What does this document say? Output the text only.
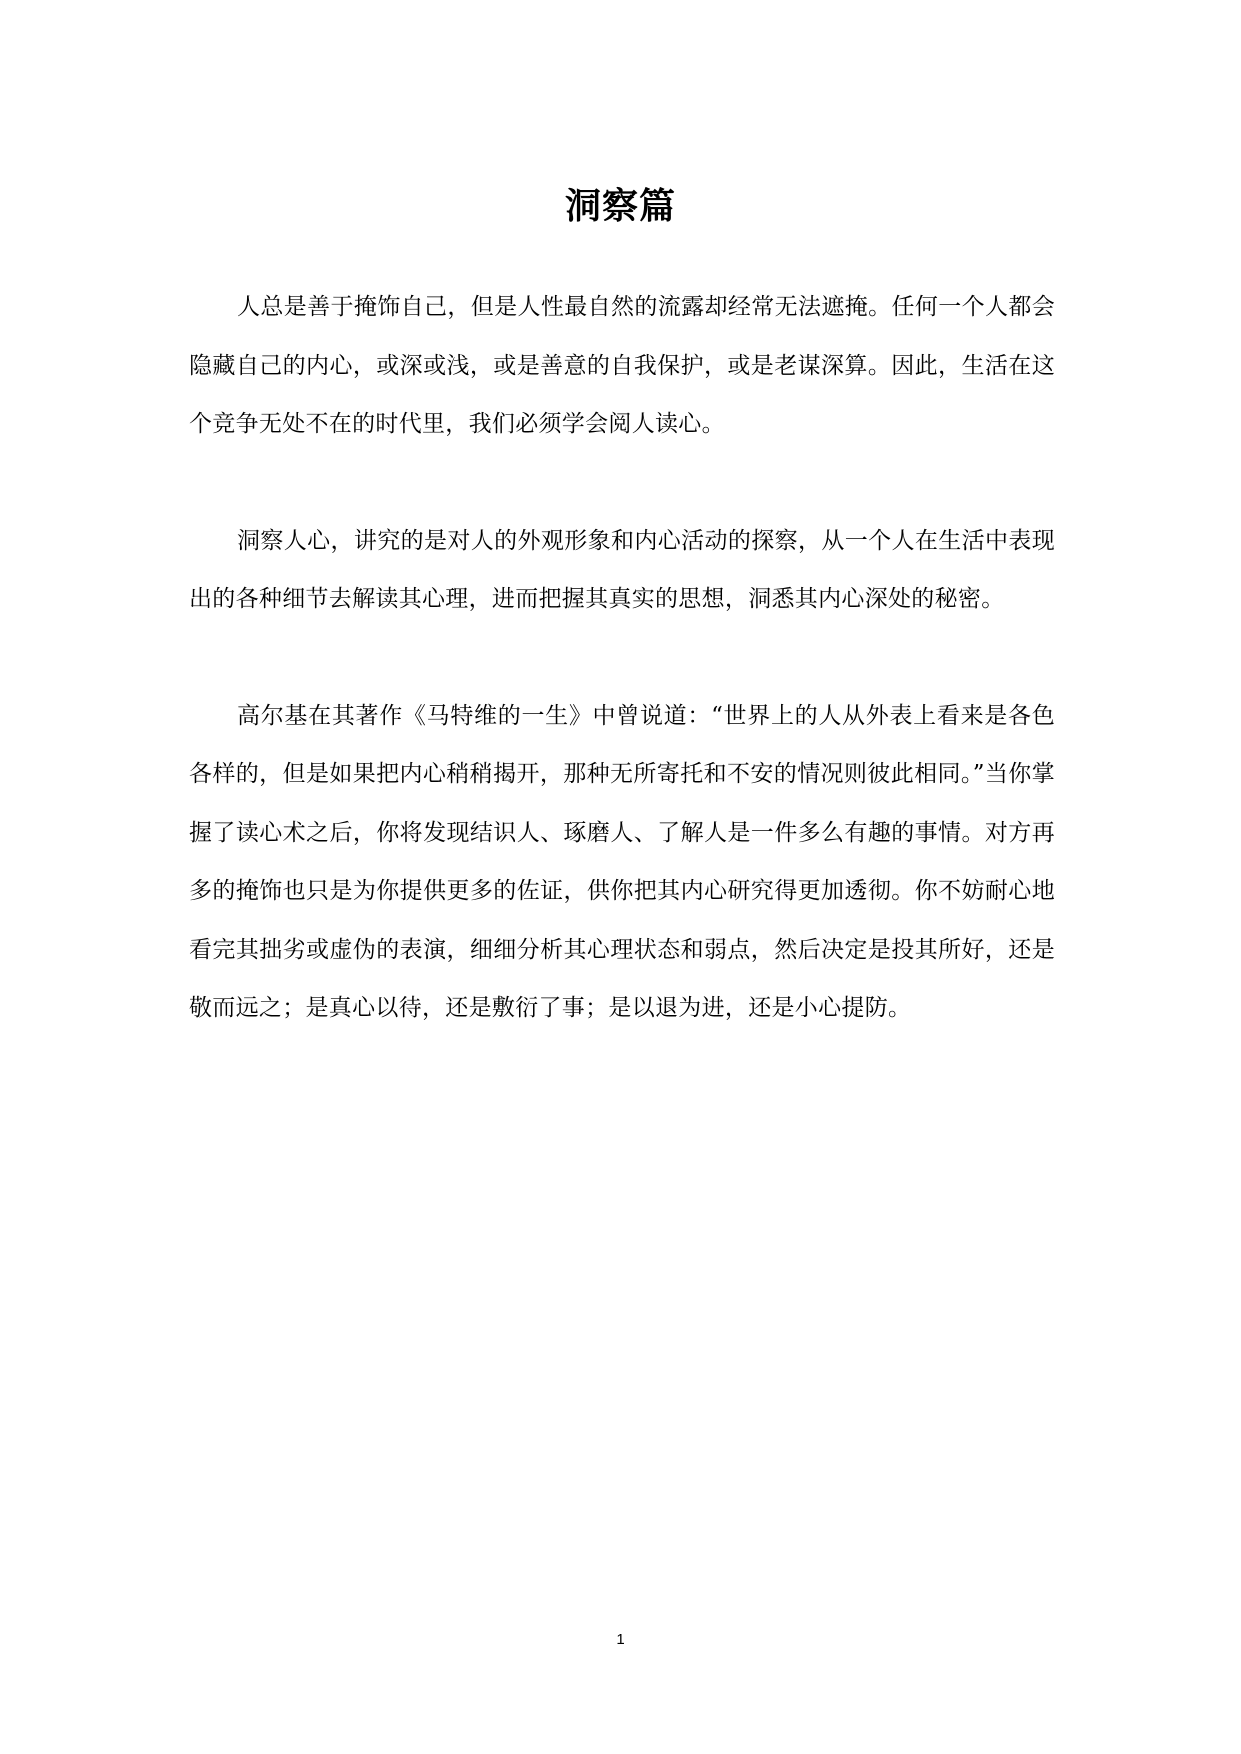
洞察篇

人总是善于掩饰自己，但是人性最自然的流露却经常无法遮掩。任何一个人都会隐藏自己的内心，或深或浅，或是善意的自我保护，或是老谋深算。因此，生活在这个竞争无处不在的时代里，我们必须学会阅人读心。

洞察人心，讲究的是对人的外观形象和内心活动的探察，从一个人在生活中表现出的各种细节去解读其心理，进而把握其真实的思想，洞悉其内心深处的秘密。

高尔基在其著作《马特维的一生》中曾说道：“世界上的人从外表上看来是各色各样的，但是如果把内心稍稍揭开，那种无所寄托和不安的情况则彼此相同。”当你掌握了读心术之后，你将发现结识人、琢磨人、了解人是一件多么有趣的事情。对方再多的掩饰也只是为你提供更多的佐证，供你把其内心研究得更加透彻。你不妨耐心地看完其拙劣或虚伪的表演，细细分析其心理状态和弱点，然后决定是投其所好，还是敬而远之；是真心以待，还是敷衍了事；是以退为进，还是小心提防。

1
